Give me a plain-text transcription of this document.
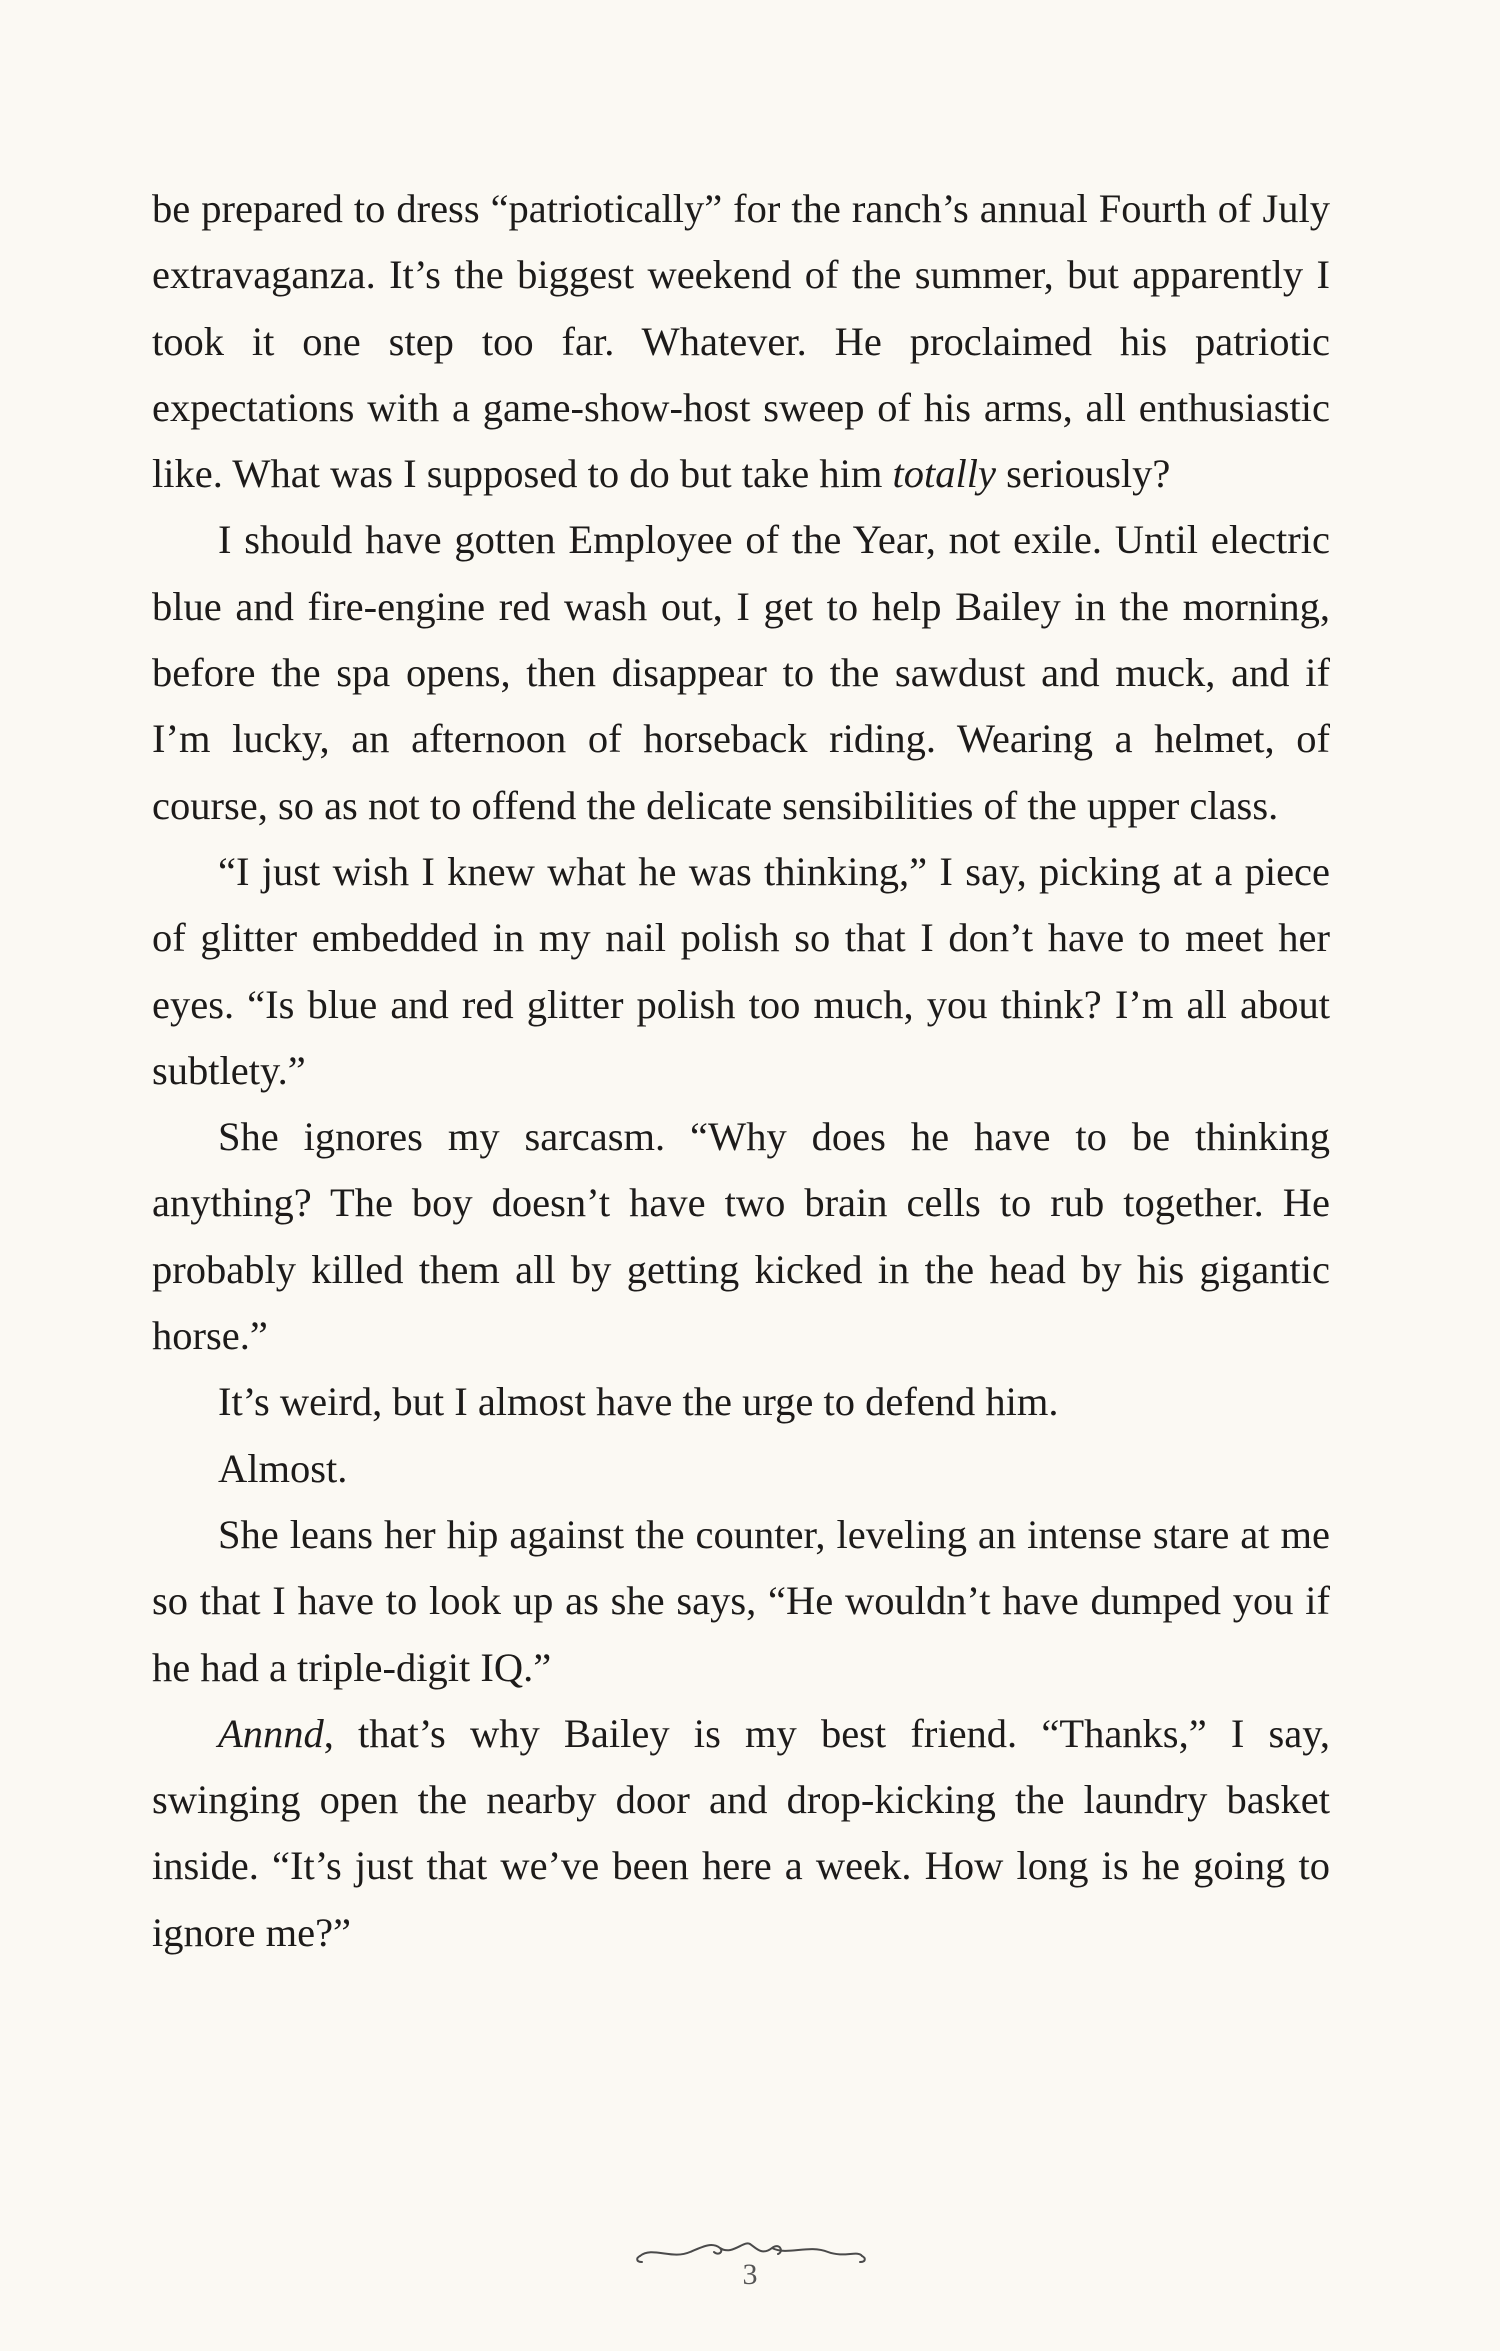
be prepared to dress “patriotically” for the ranch’s annual Fourth of July extravaganza. It’s the biggest weekend of the summer, but apparently I took it one step too far. Whatever. He proclaimed his patriotic expectations with a game-show-host sweep of his arms, all enthusiastic like. What was I supposed to do but take him totally seriously?

I should have gotten Employee of the Year, not exile. Until electric blue and fire-engine red wash out, I get to help Bailey in the morning, before the spa opens, then disappear to the sawdust and muck, and if I’m lucky, an afternoon of horseback riding. Wearing a helmet, of course, so as not to offend the delicate sensibilities of the upper class.

“I just wish I knew what he was thinking,” I say, picking at a piece of glitter embedded in my nail polish so that I don’t have to meet her eyes. “Is blue and red glitter polish too much, you think? I’m all about subtlety.”

She ignores my sarcasm. “Why does he have to be thinking anything? The boy doesn’t have two brain cells to rub together. He probably killed them all by getting kicked in the head by his gigantic horse.”

It’s weird, but I almost have the urge to defend him.

Almost.

She leans her hip against the counter, leveling an intense stare at me so that I have to look up as she says, “He wouldn’t have dumped you if he had a triple-digit IQ.”

Annnd, that’s why Bailey is my best friend. “Thanks,” I say, swinging open the nearby door and drop-kicking the laundry basket inside. “It’s just that we’ve been here a week. How long is he going to ignore me?”

3
